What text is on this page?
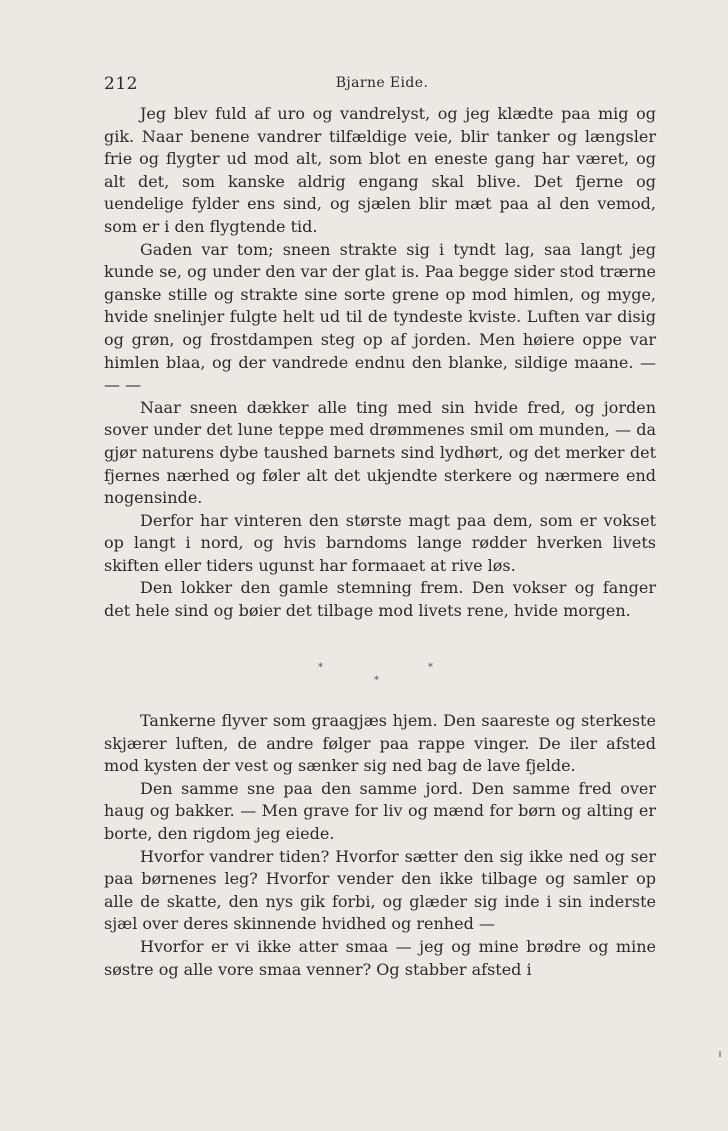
212	Bjarne Eide.

Jeg blev fuld af uro og vandrelyst, og jeg klædte paa mig og gik. Naar benene vandrer tilfældige veie, blir tanker og længsler frie og flygter ud mod alt, som blot en eneste gang har været, og alt det, som kanske aldrig engang skal blive. Det fjerne og uendelige fylder ens sind, og sjælen blir mæt paa al den vemod, som er i den flygtende tid.

Gaden var tom; sneen strakte sig i tyndt lag, saa langt jeg kunde se, og under den var der glat is. Paa begge sider stod trærne ganske stille og strakte sine sorte grene op mod himlen, og myge, hvide snelinjer fulgte helt ud til de tyndeste kviste. Luften var disig og grøn, og frostdampen steg op af jorden. Men høiere oppe var himlen blaa, og der vandrede endnu den blanke, sildige maane. — — —

Naar sneen dækker alle ting med sin hvide fred, og jorden sover under det lune teppe med drømmenes smil om munden, — da gjør naturens dybe taushed barnets sind lydhørt, og det merker det fjernes nærhed og føler alt det ukjendte sterkere og nærmere end nogensinde.

Derfor har vinteren den største magt paa dem, som er vokset op langt i nord, og hvis barndoms lange rødder hverken livets skiften eller tiders ugunst har formaaet at rive løs.

Den lokker den gamle stemning frem. Den vokser og fanger det hele sind og bøier det tilbage mod livets rene, hvide morgen.

*	*
*

Tankerne flyver som graagjæs hjem. Den saareste og sterkeste skjærer luften, de andre følger paa rappe vinger. De iler afsted mod kysten der vest og sænker sig ned bag de lave fjelde.

Den samme sne paa den samme jord. Den samme fred over haug og bakker. — Men grave for liv og mænd for børn og alting er borte, den rigdom jeg eiede.

Hvorfor vandrer tiden? Hvorfor sætter den sig ikke ned og ser paa børnenes leg? Hvorfor vender den ikke tilbage og samler op alle de skatte, den nys gik forbi, og glæder sig inde i sin inderste sjæl over deres skinnende hvidhed og renhed —

Hvorfor er vi ikke atter smaa — jeg og mine brødre og mine søstre og alle vore smaa venner? Og stabber afsted i
